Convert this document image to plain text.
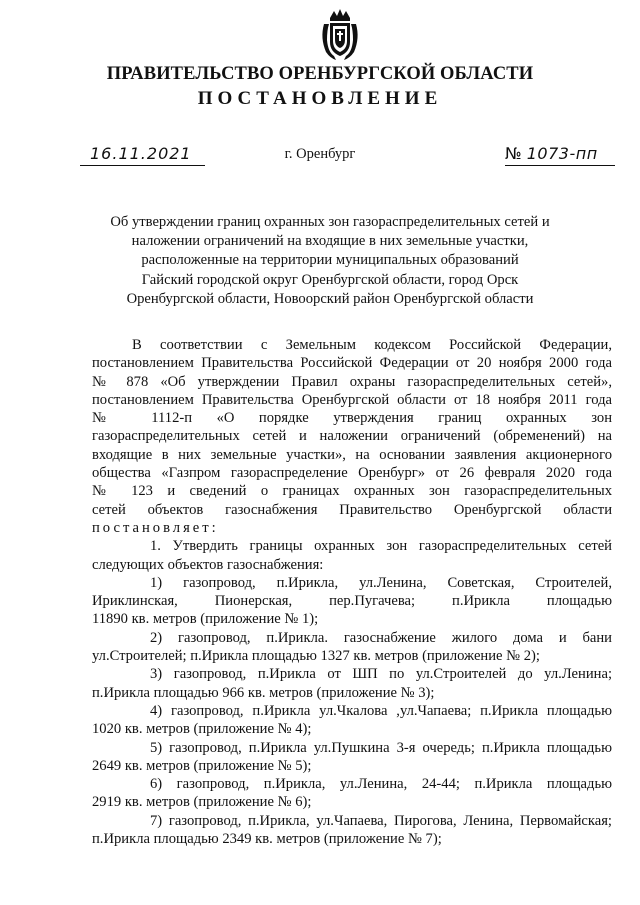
ПРАВИТЕЛЬСТВО ОРЕНБУРГСКОЙ ОБЛАСТИ
ПОСТАНОВЛЕНИЕ
16.11.2021	г. Оренбург	№ 1073-пп
Об утверждении границ охранных зон газораспределительных сетей и
наложении ограничений на входящие в них земельные участки,
расположенные на территории муниципальных образований
Гайский городской округ Оренбургской области, город Орск
Оренбургской области, Новоорский район Оренбургской области
В соответствии с Земельным кодексом Российской Федерации,
постановлением Правительства Российской Федерации от 20 ноября 2000 года
№ 878 «Об утверждении Правил охраны газораспределительных сетей»,
постановлением Правительства Оренбургской области от 18 ноября 2011 года
№ 1112-п «О порядке утверждения границ охранных зон
газораспределительных сетей и наложении ограничений (обременений) на
входящие в них земельные участки», на основании заявления акционерного
общества «Газпром газораспределение Оренбург» от 26 февраля 2020 года
№ 123 и сведений о границах охранных зон газораспределительных
сетей объектов газоснабжения Правительство Оренбургской области
постановляет:
1. Утвердить границы охранных зон газораспределительных сетей
следующих объектов газоснабжения:
1) газопровод, п.Ирикла, ул.Ленина, Советская, Строителей,
Ириклинская, Пионерская, пер.Пугачева; п.Ирикла площадью
11890 кв. метров (приложение № 1);
2) газопровод, п.Ирикла. газоснабжение жилого дома и бани
ул.Строителей; п.Ирикла площадью 1327 кв. метров (приложение № 2);
3) газопровод, п.Ирикла от ШП по ул.Строителей до ул.Ленина;
п.Ирикла площадью 966 кв. метров (приложение № 3);
4) газопровод, п.Ирикла ул.Чкалова ,ул.Чапаева; п.Ирикла площадью
1020 кв. метров (приложение № 4);
5) газопровод, п.Ирикла ул.Пушкина 3-я очередь; п.Ирикла площадью
2649 кв. метров (приложение № 5);
6) газопровод, п.Ирикла, ул.Ленина, 24-44; п.Ирикла площадью
2919 кв. метров (приложение № 6);
7) газопровод, п.Ирикла, ул.Чапаева, Пирогова, Ленина, Первомайская;
п.Ирикла площадью 2349 кв. метров (приложение № 7);
